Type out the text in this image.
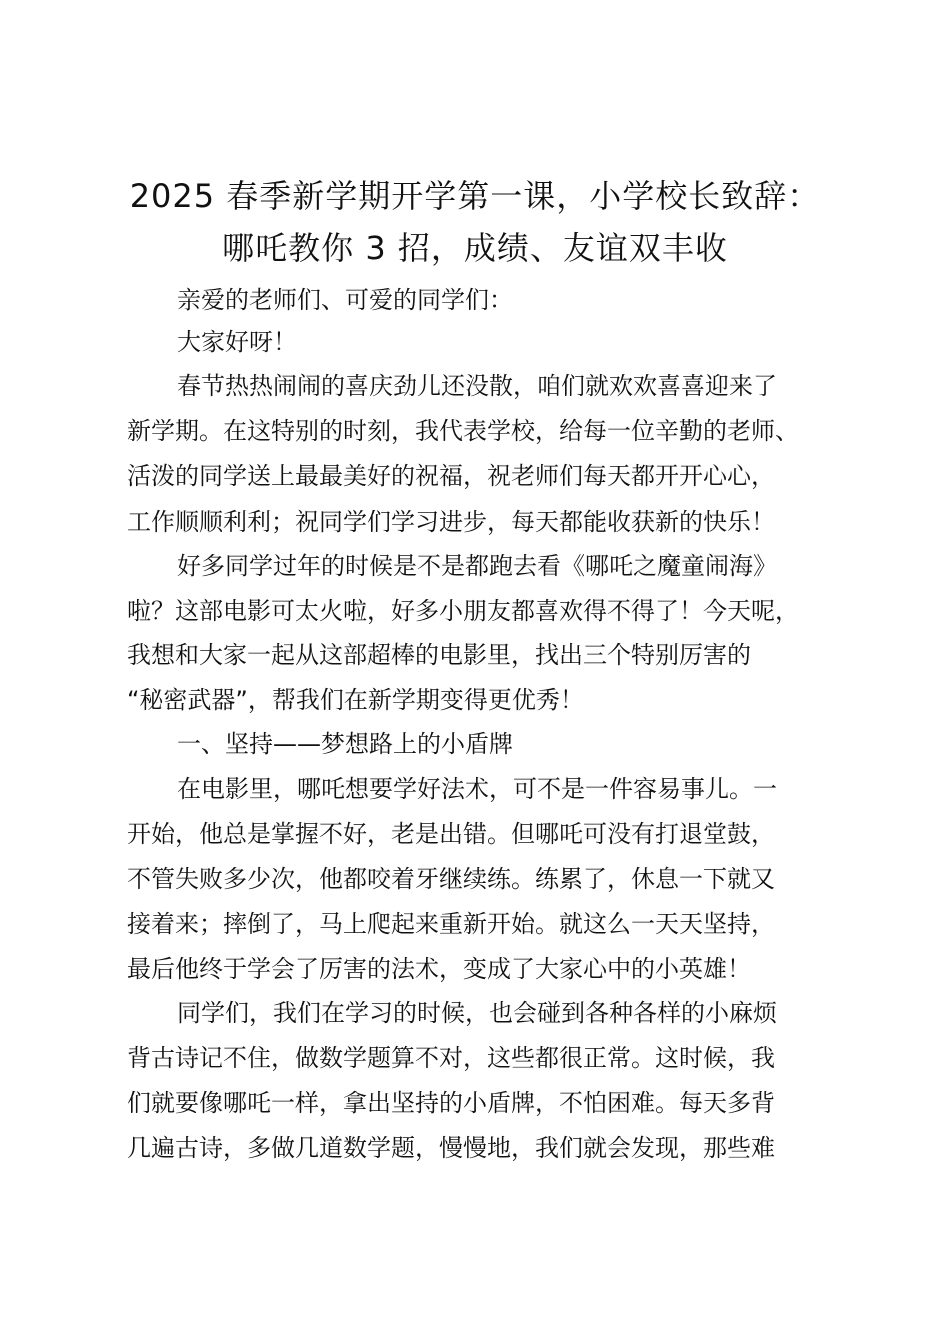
2025 春季新学期开学第一课，小学校长致辞：
哪吒教你 3 招，成绩、友谊双丰收
亲爱的老师们、可爱的同学们：
大家好呀！
春节热热闹闹的喜庆劲儿还没散，咱们就欢欢喜喜迎来了
新学期。在这特别的时刻，我代表学校，给每一位辛勤的老师、
活泼的同学送上最最美好的祝福，祝老师们每天都开开心心，
工作顺顺利利；祝同学们学习进步，每天都能收获新的快乐！
好多同学过年的时候是不是都跑去看《哪吒之魔童闹海》
啦？这部电影可太火啦，好多小朋友都喜欢得不得了！今天呢，
我想和大家一起从这部超棒的电影里，找出三个特别厉害的
“秘密武器”，帮我们在新学期变得更优秀！
一、坚持——梦想路上的小盾牌
在电影里，哪吒想要学好法术，可不是一件容易事儿。一
开始，他总是掌握不好，老是出错。但哪吒可没有打退堂鼓，
不管失败多少次，他都咬着牙继续练。练累了，休息一下就又
接着来；摔倒了，马上爬起来重新开始。就这么一天天坚持，
最后他终于学会了厉害的法术，变成了大家心中的小英雄！
同学们，我们在学习的时候，也会碰到各种各样的小麻烦
背古诗记不住，做数学题算不对，这些都很正常。这时候，我
们就要像哪吒一样，拿出坚持的小盾牌，不怕困难。每天多背
几遍古诗，多做几道数学题，慢慢地，我们就会发现，那些难
